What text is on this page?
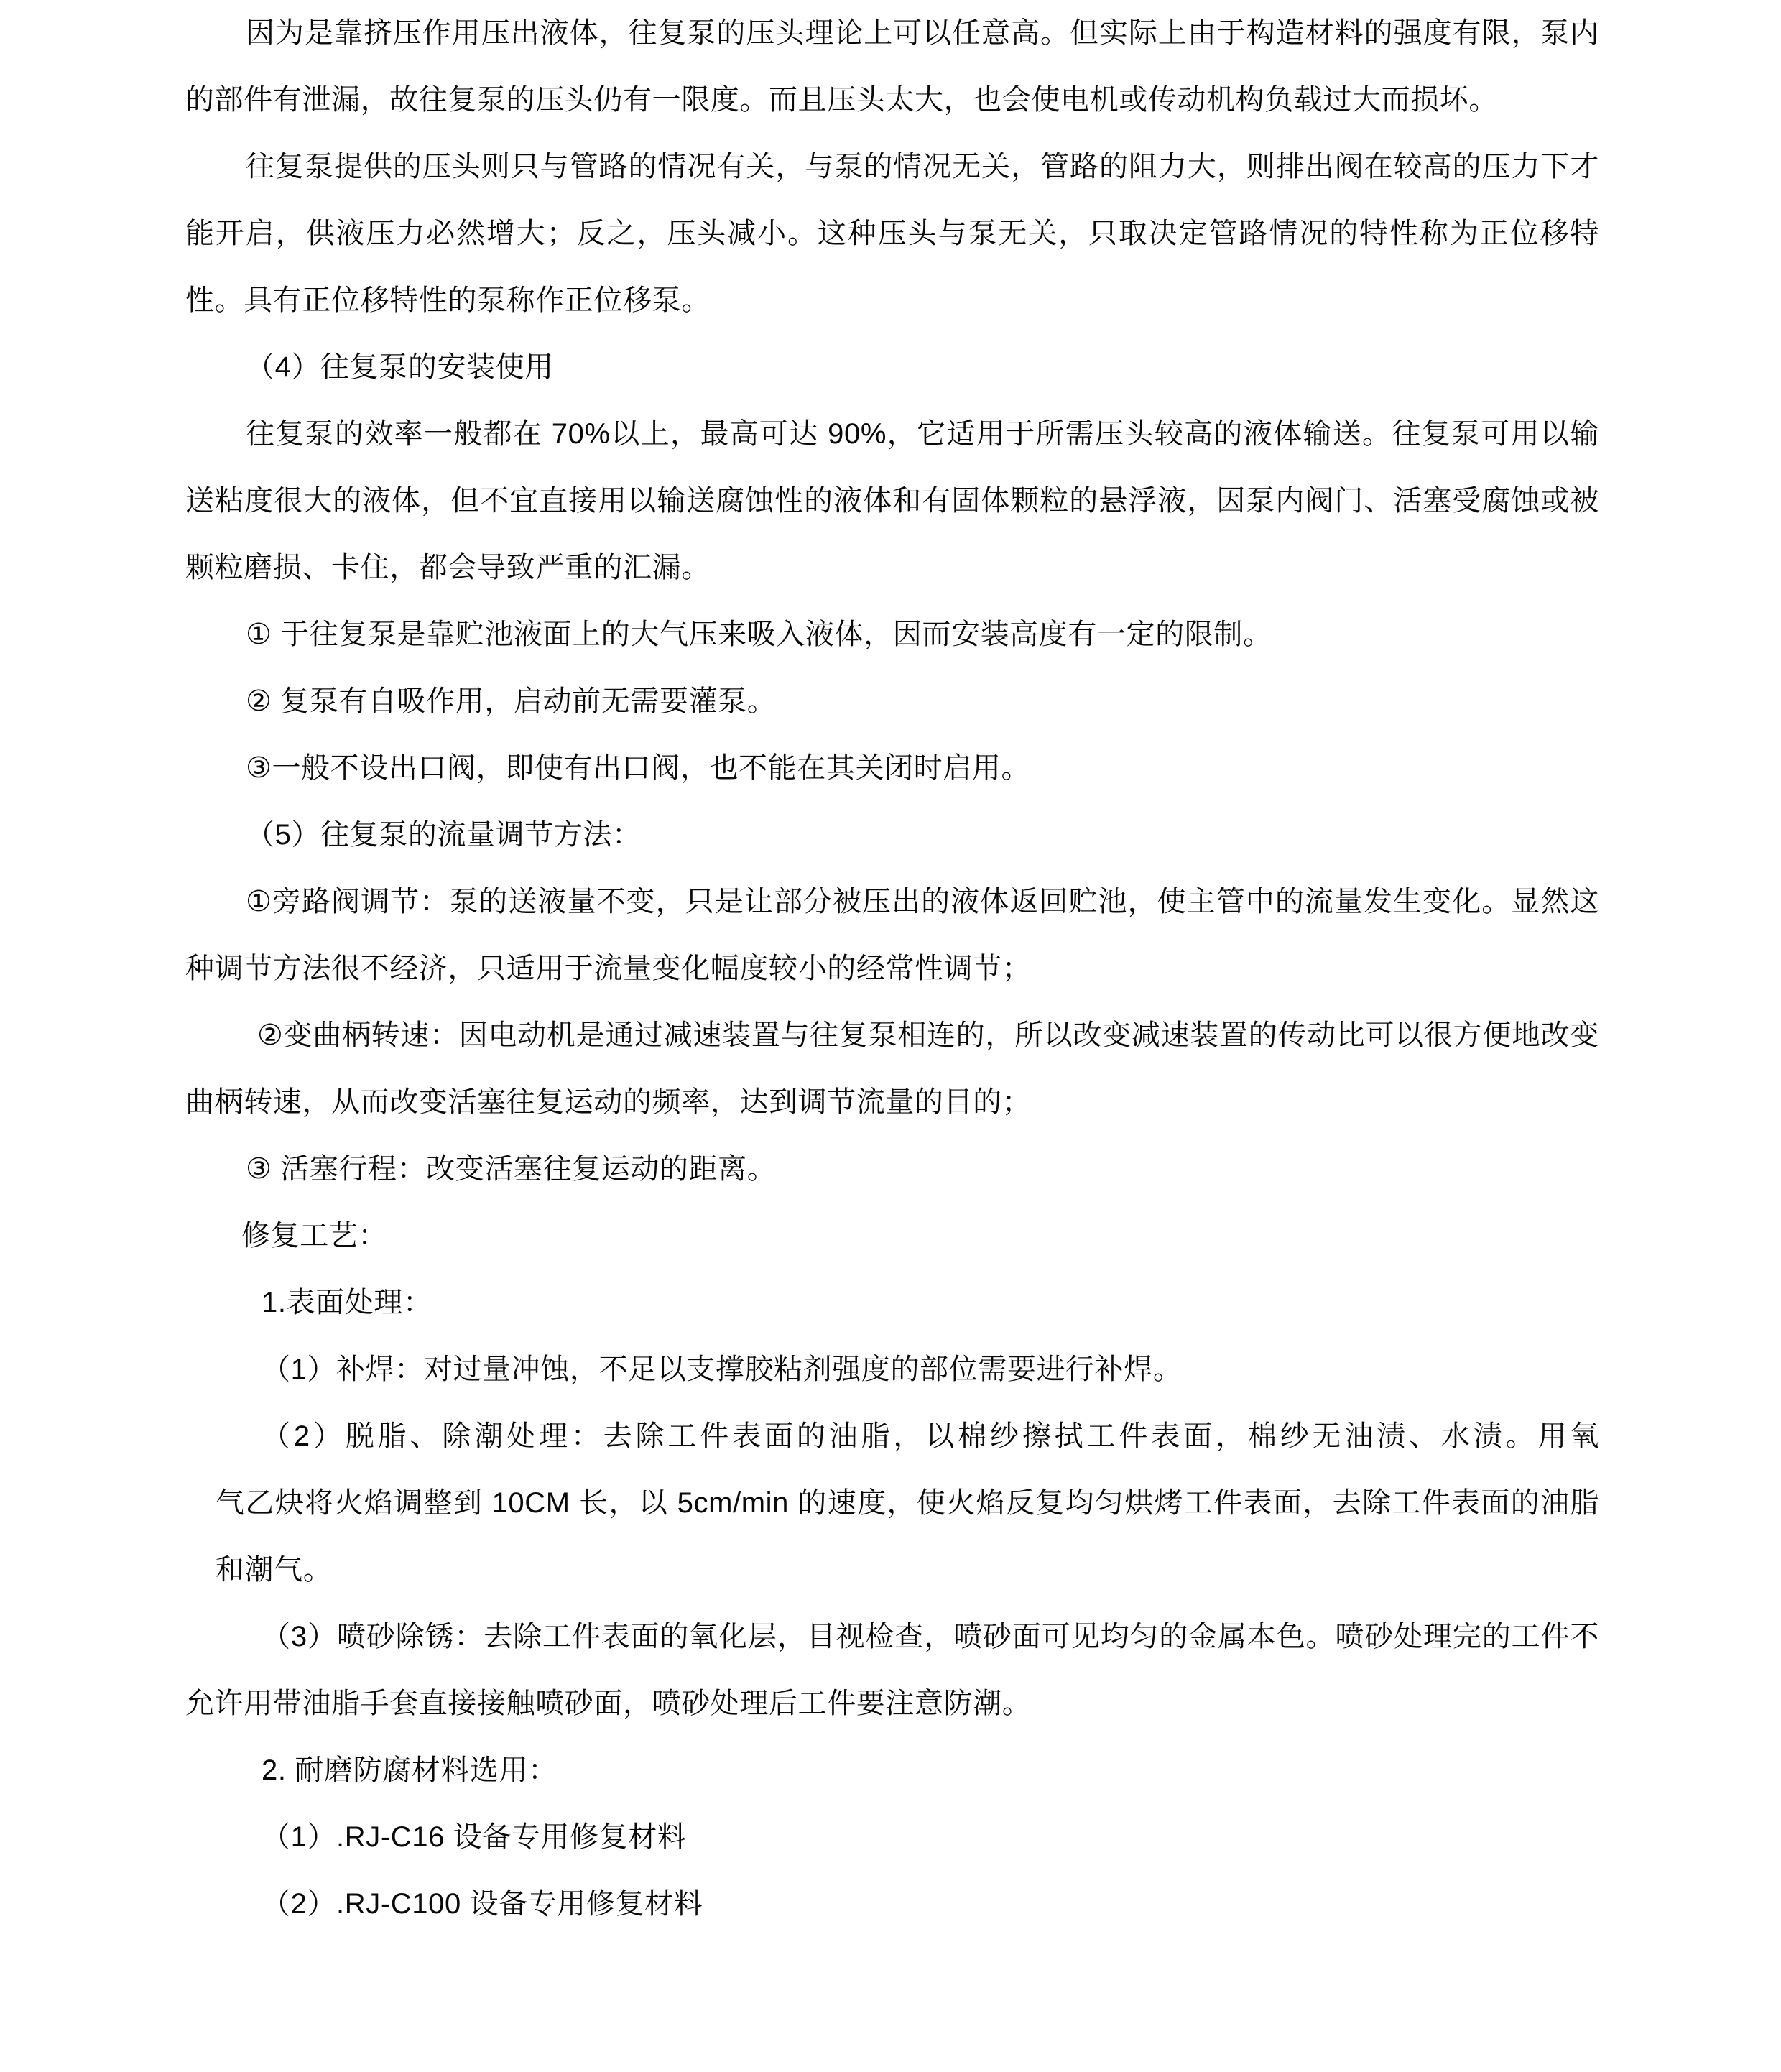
因为是靠挤压作用压出液体，往复泵的压头理论上可以任意高。但实际上由于构造材料的强度有限，泵内的部件有泄漏，故往复泵的压头仍有一限度。而且压头太大，也会使电机或传动机构负载过大而损坏。

往复泵提供的压头则只与管路的情况有关，与泵的情况无关，管路的阻力大，则排出阀在较高的压力下才能开启，供液压力必然增大；反之，压头减小。这种压头与泵无关，只取决定管路情况的特性称为正位移特性。具有正位移特性的泵称作正位移泵。

（4）往复泵的安装使用

往复泵的效率一般都在 70%以上，最高可达 90%，它适用于所需压头较高的液体输送。往复泵可用以输送粘度很大的液体，但不宜直接用以输送腐蚀性的液体和有固体颗粒的悬浮液，因泵内阀门、活塞受腐蚀或被颗粒磨损、卡住，都会导致严重的汇漏。

① 于往复泵是靠贮池液面上的大气压来吸入液体，因而安装高度有一定的限制。

② 复泵有自吸作用，启动前无需要灌泵。

③一般不设出口阀，即使有出口阀，也不能在其关闭时启用。

（5）往复泵的流量调节方法：

①旁路阀调节：泵的送液量不变，只是让部分被压出的液体返回贮池，使主管中的流量发生变化。显然这种调节方法很不经济，只适用于流量变化幅度较小的经常性调节；

②变曲柄转速：因电动机是通过减速装置与往复泵相连的，所以改变减速装置的传动比可以很方便地改变曲柄转速，从而改变活塞往复运动的频率，达到调节流量的目的；

③ 活塞行程：改变活塞往复运动的距离。

修复工艺：

1.表面处理：

（1）补焊：对过量冲蚀，不足以支撑胶粘剂强度的部位需要进行补焊。

（2）脱脂、除潮处理：去除工件表面的油脂，以棉纱擦拭工件表面，棉纱无油渍、水渍。用氧

气乙炔将火焰调整到 10CM 长，以 5cm/min 的速度，使火焰反复均匀烘烤工件表面，去除工件表面的油脂和潮气。

（3）喷砂除锈：去除工件表面的氧化层，目视检查，喷砂面可见均匀的金属本色。喷砂处理完的工件不允许用带油脂手套直接接触喷砂面，喷砂处理后工件要注意防潮。

2. 耐磨防腐材料选用：

（1）.RJ-C16 设备专用修复材料

（2）.RJ-C100 设备专用修复材料
